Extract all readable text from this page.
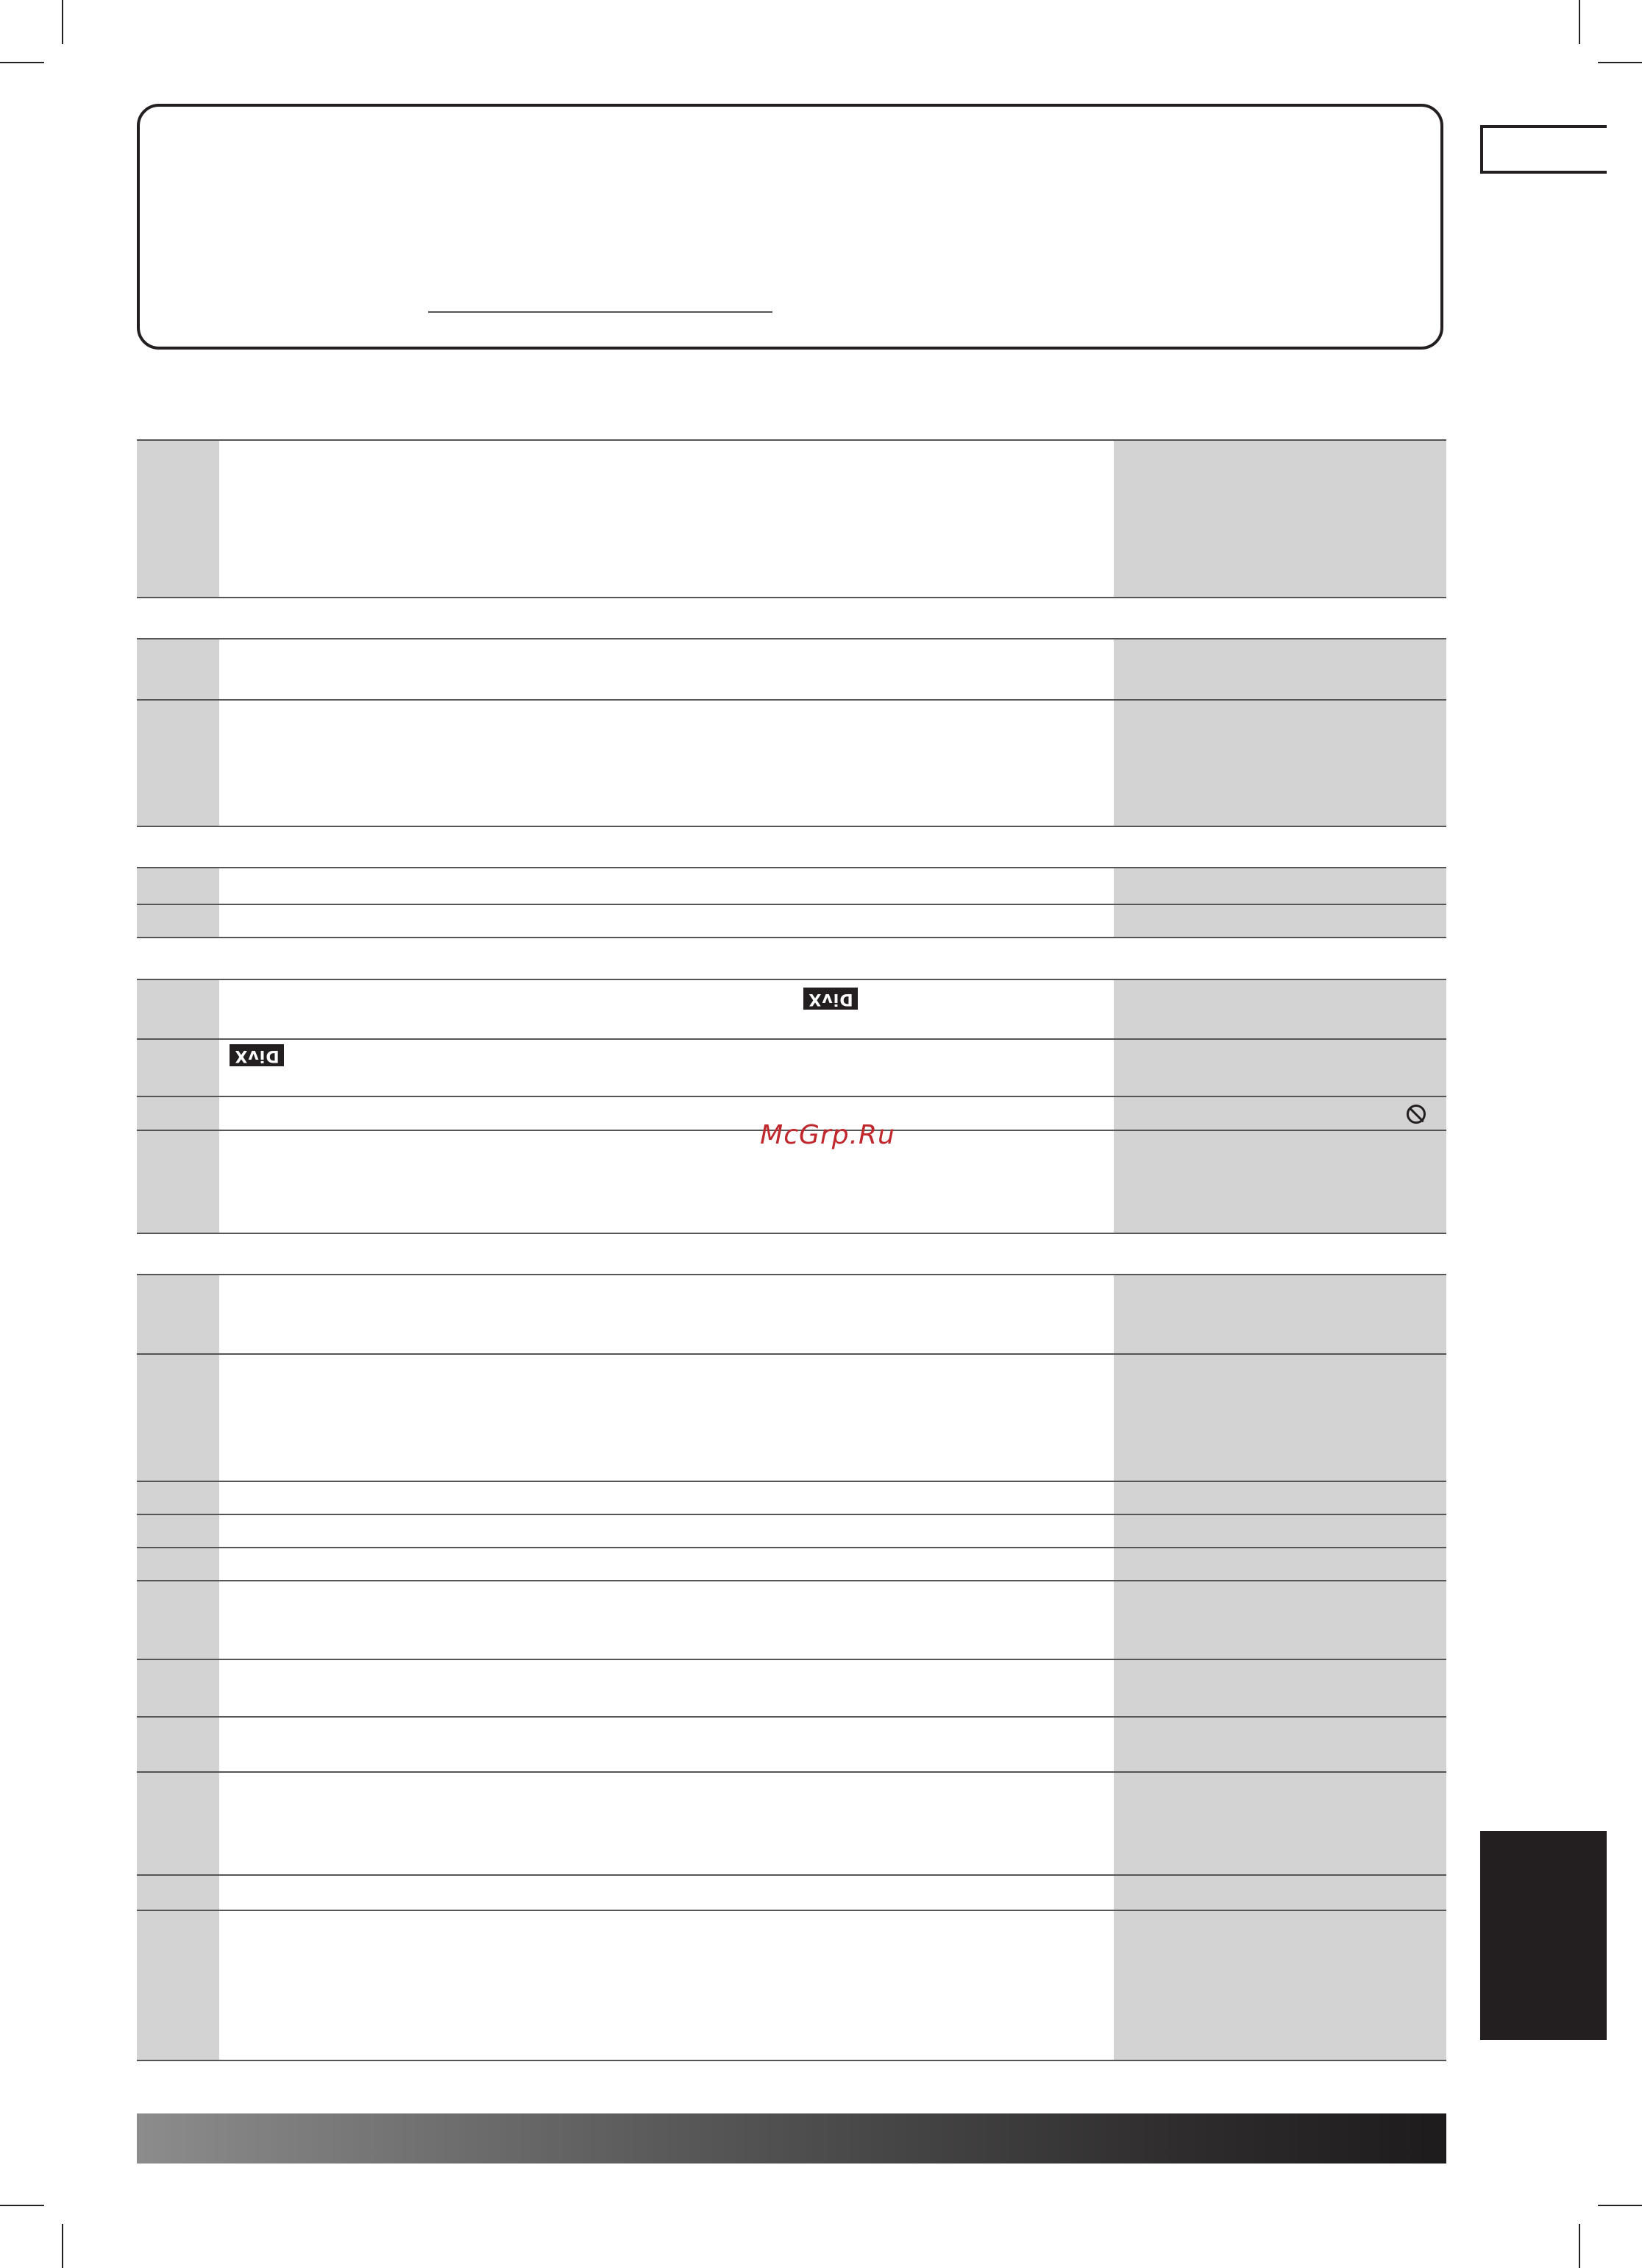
DivX
DivX
McGrp.Ru
